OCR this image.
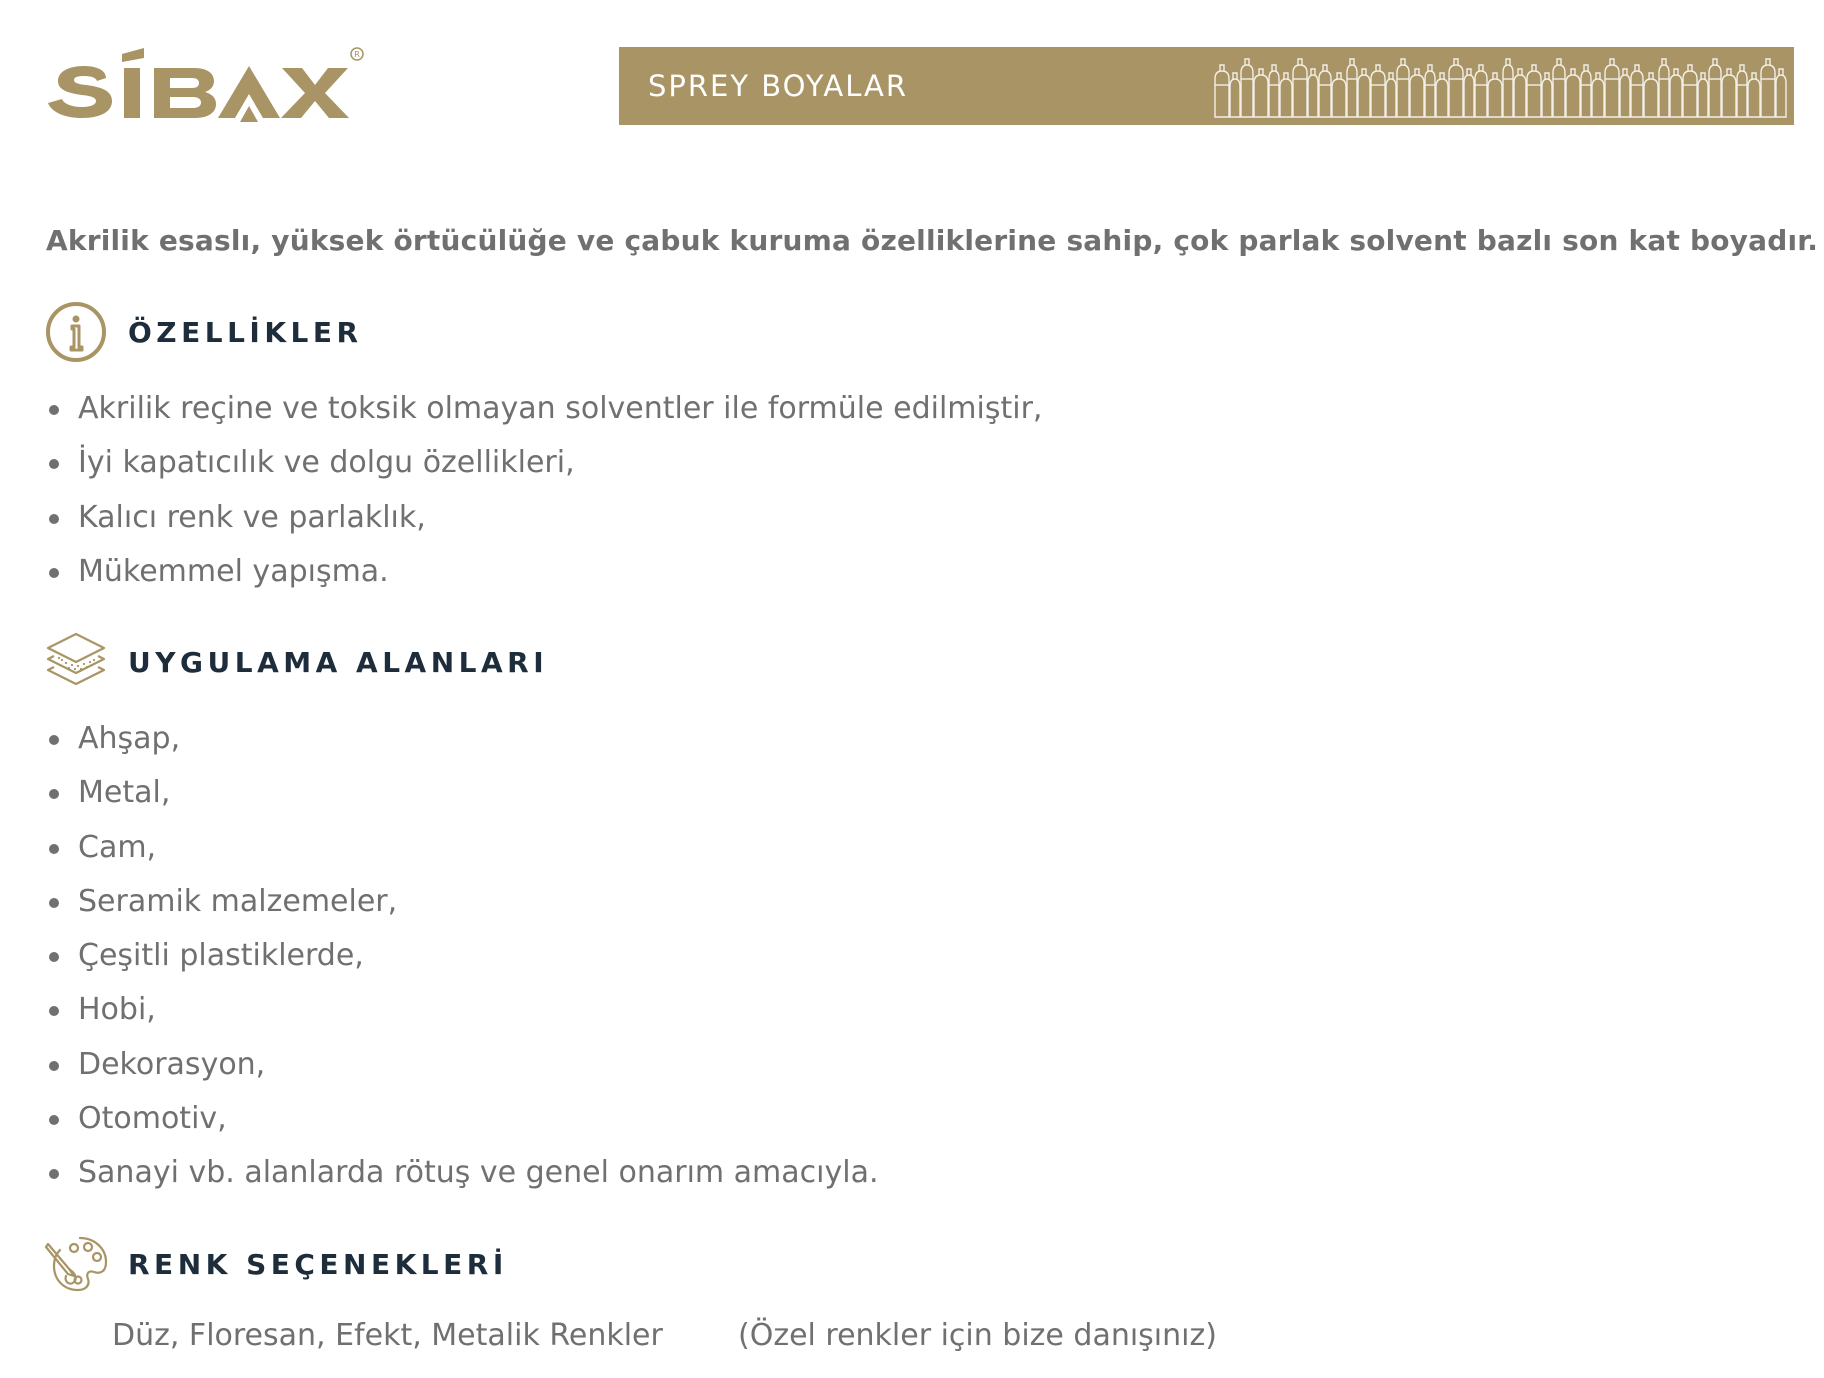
R
SPREY BOYALAR
Akrilik esaslı, yüksek örtücülüğe ve çabuk kuruma özelliklerine sahip, çok parlak solvent bazlı son kat boyadır.
ÖZELLİKLER
Akrilik reçine ve toksik olmayan solventler ile formüle edilmiştir,
İyi kapatıcılık ve dolgu özellikleri,
Kalıcı renk ve parlaklık,
Mükemmel yapışma.
UYGULAMA ALANLARI
Ahşap,
Metal,
Cam,
Seramik malzemeler,
Çeşitli plastiklerde,
Hobi,
Dekorasyon,
Otomotiv,
Sanayi vb. alanlarda rötuş ve genel onarım amacıyla.
RENK SEÇENEKLERİ
Düz, Floresan, Efekt, Metalik Renkler	(Özel renkler için bize danışınız)
